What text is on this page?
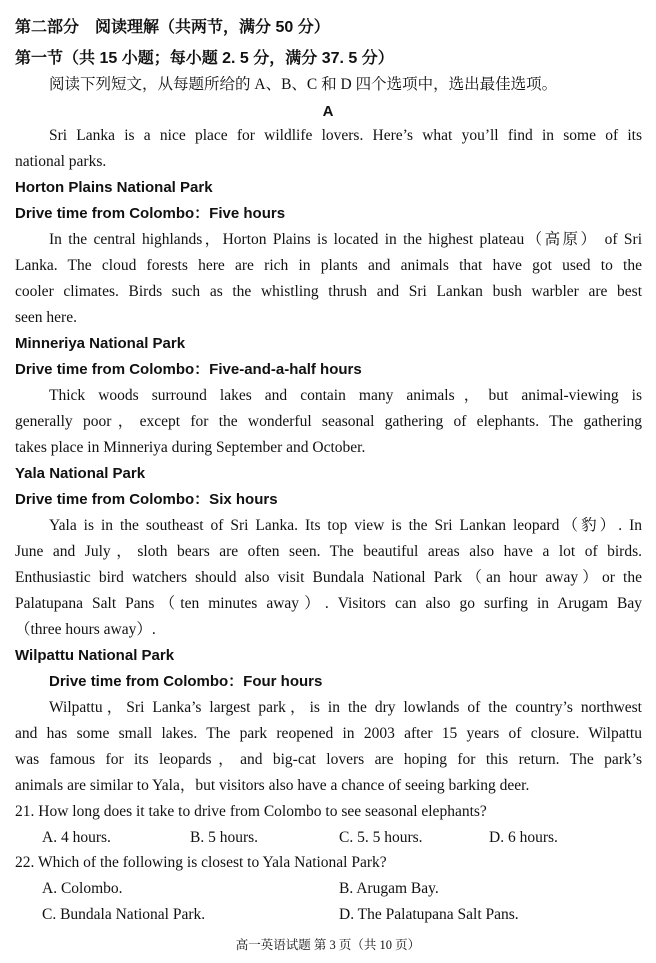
第二部分　阅读理解（共两节，满分 50 分）
第一节（共 15 小题；每小题 2. 5 分，满分 37. 5 分）
阅读下列短文，从每题所给的 A、B、C 和 D 四个选项中，选出最佳选项。
A
Sri Lanka is a nice place for wildlife lovers. Here’s what you’ll find in some of its
national parks.
Horton Plains National Park
Drive time from Colombo：Five hours
In the central highlands，Horton Plains is located in the highest plateau（高原） of Sri
Lanka. The cloud forests here are rich in plants and animals that have got used to the
cooler climates. Birds such as the whistling thrush and Sri Lankan bush warbler are best
seen here.
Minneriya National Park
Drive time from Colombo：Five-and-a-half hours
Thick woods surround lakes and contain many animals，but animal-viewing is
generally poor，except for the wonderful seasonal gathering of elephants. The gathering
takes place in Minneriya during September and October.
Yala National Park
Drive time from Colombo：Six hours
Yala is in the southeast of Sri Lanka. Its top view is the Sri Lankan leopard（豹）. In
June and July，sloth bears are often seen. The beautiful areas also have a lot of birds.
Enthusiastic bird watchers should also visit Bundala National Park（an hour away）or the
Palatupana Salt Pans（ten minutes away）. Visitors can also go surfing in Arugam Bay
（three hours away）.
Wilpattu National Park
Drive time from Colombo：Four hours
Wilpattu，Sri Lanka’s largest park，is in the dry lowlands of the country’s northwest
and has some small lakes. The park reopened in 2003 after 15 years of closure. Wilpattu
was famous for its leopards，and big-cat lovers are hoping for this return. The park’s
animals are similar to Yala，but visitors also have a chance of seeing barking deer.
21. How long does it take to drive from Colombo to see seasonal elephants?
A. 4 hours.	B. 5 hours.	C. 5. 5 hours.	D. 6 hours.
22. Which of the following is closest to Yala National Park?
A. Colombo.	B. Arugam Bay.
C. Bundala National Park.	D. The Palatupana Salt Pans.
高一英语试题 第 3 页（共 10 页）
